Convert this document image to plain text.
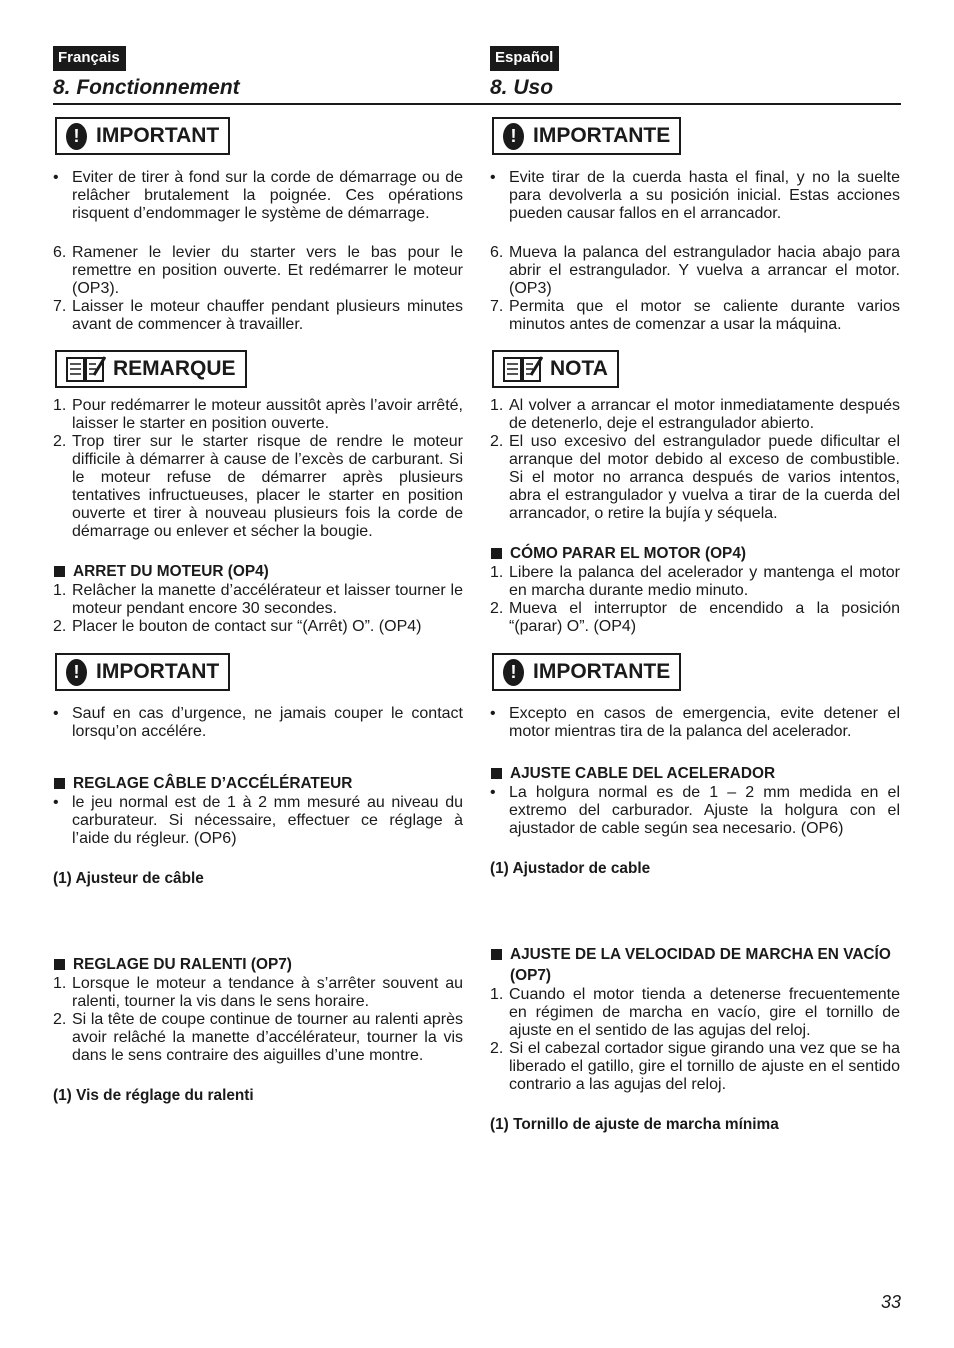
Français
8. Fonctionnement
! IMPORTANT
• Eviter de tirer à fond sur la corde de démarrage ou de relâcher brutalement la poignée. Ces opérations risquent d’endommager le système de démarrage.
6. Ramener le levier du starter vers le bas pour le remettre en position ouverte. Et redémarrer le moteur (OP3).
7. Laisser le moteur chauffer pendant plusieurs minutes avant de commencer à travailler.
REMARQUE
1. Pour redémarrer le moteur aussitôt après l’avoir arrêté, laisser le starter en position ouverte.
2. Trop tirer sur le starter risque de rendre le moteur difficile à démarrer à cause de l’excès de carburant. Si le moteur refuse de démarrer après plusieurs tentatives infructueuses, placer le starter en position ouverte et tirer à nouveau plusieurs fois la corde de démarrage ou enlever et sécher la bougie.
ARRET DU MOTEUR (OP4)
1. Relâcher la manette d’accélérateur et laisser tourner le moteur pendant encore 30 secondes.
2. Placer le bouton de contact sur “(Arrêt) O”. (OP4)
! IMPORTANT
• Sauf en cas d’urgence, ne jamais couper le contact lorsqu’on accélére.
REGLAGE CÂBLE D’ACCÉLÉRATEUR
• le jeu normal est de 1 à 2 mm mesuré au niveau du carburateur. Si nécessaire, effectuer ce réglage à l’aide du régleur. (OP6)
(1) Ajusteur de câble
REGLAGE DU RALENTI (OP7)
1. Lorsque le moteur a tendance à s’arrêter souvent au ralenti, tourner la vis dans le sens horaire.
2. Si la tête de coupe continue de tourner au ralenti après avoir relâché la manette d’accélérateur, tourner la vis dans le sens contraire des aiguilles d’une montre.
(1) Vis de réglage du ralenti
Español
8. Uso
! IMPORTANTE
• Evite tirar de la cuerda hasta el final, y no la suelte para devolverla a su posición inicial. Estas acciones pueden causar fallos en el arrancador.
6. Mueva la palanca del estrangulador hacia abajo para abrir el estrangulador. Y vuelva a arrancar el motor. (OP3)
7. Permita que el motor se caliente durante varios minutos antes de comenzar a usar la máquina.
NOTA
1. Al volver a arrancar el motor inmediatamente después de detenerlo, deje el estrangulador abierto.
2. El uso excesivo del estrangulador puede dificultar el arranque del motor debido al exceso de combustible. Si el motor no arranca después de varios intentos, abra el estrangulador y vuelva a tirar de la cuerda del arrancador, o retire la bujía y séquela.
CÓMO PARAR EL MOTOR (OP4)
1. Libere la palanca del acelerador y mantenga el motor en marcha durante medio minuto.
2. Mueva el interruptor de encendido a la posición “(parar) O”. (OP4)
! IMPORTANTE
• Excepto en casos de emergencia, evite detener el motor mientras tira de la palanca del acelerador.
AJUSTE CABLE DEL ACELERADOR
• La holgura normal es de 1 – 2 mm medida en el extremo del carburador. Ajuste la holgura con el ajustador de cable según sea necesario. (OP6)
(1) Ajustador de cable
AJUSTE DE LA VELOCIDAD DE MARCHA EN VACÍO (OP7)
1. Cuando el motor tienda a detenerse frecuentemente en régimen de marcha en vacío, gire el tornillo de ajuste en el sentido de las agujas del reloj.
2. Si el cabezal cortador sigue girando una vez que se ha liberado el gatillo, gire el tornillo de ajuste en el sentido contrario a las agujas del reloj.
(1) Tornillo de ajuste de marcha mínima
33
